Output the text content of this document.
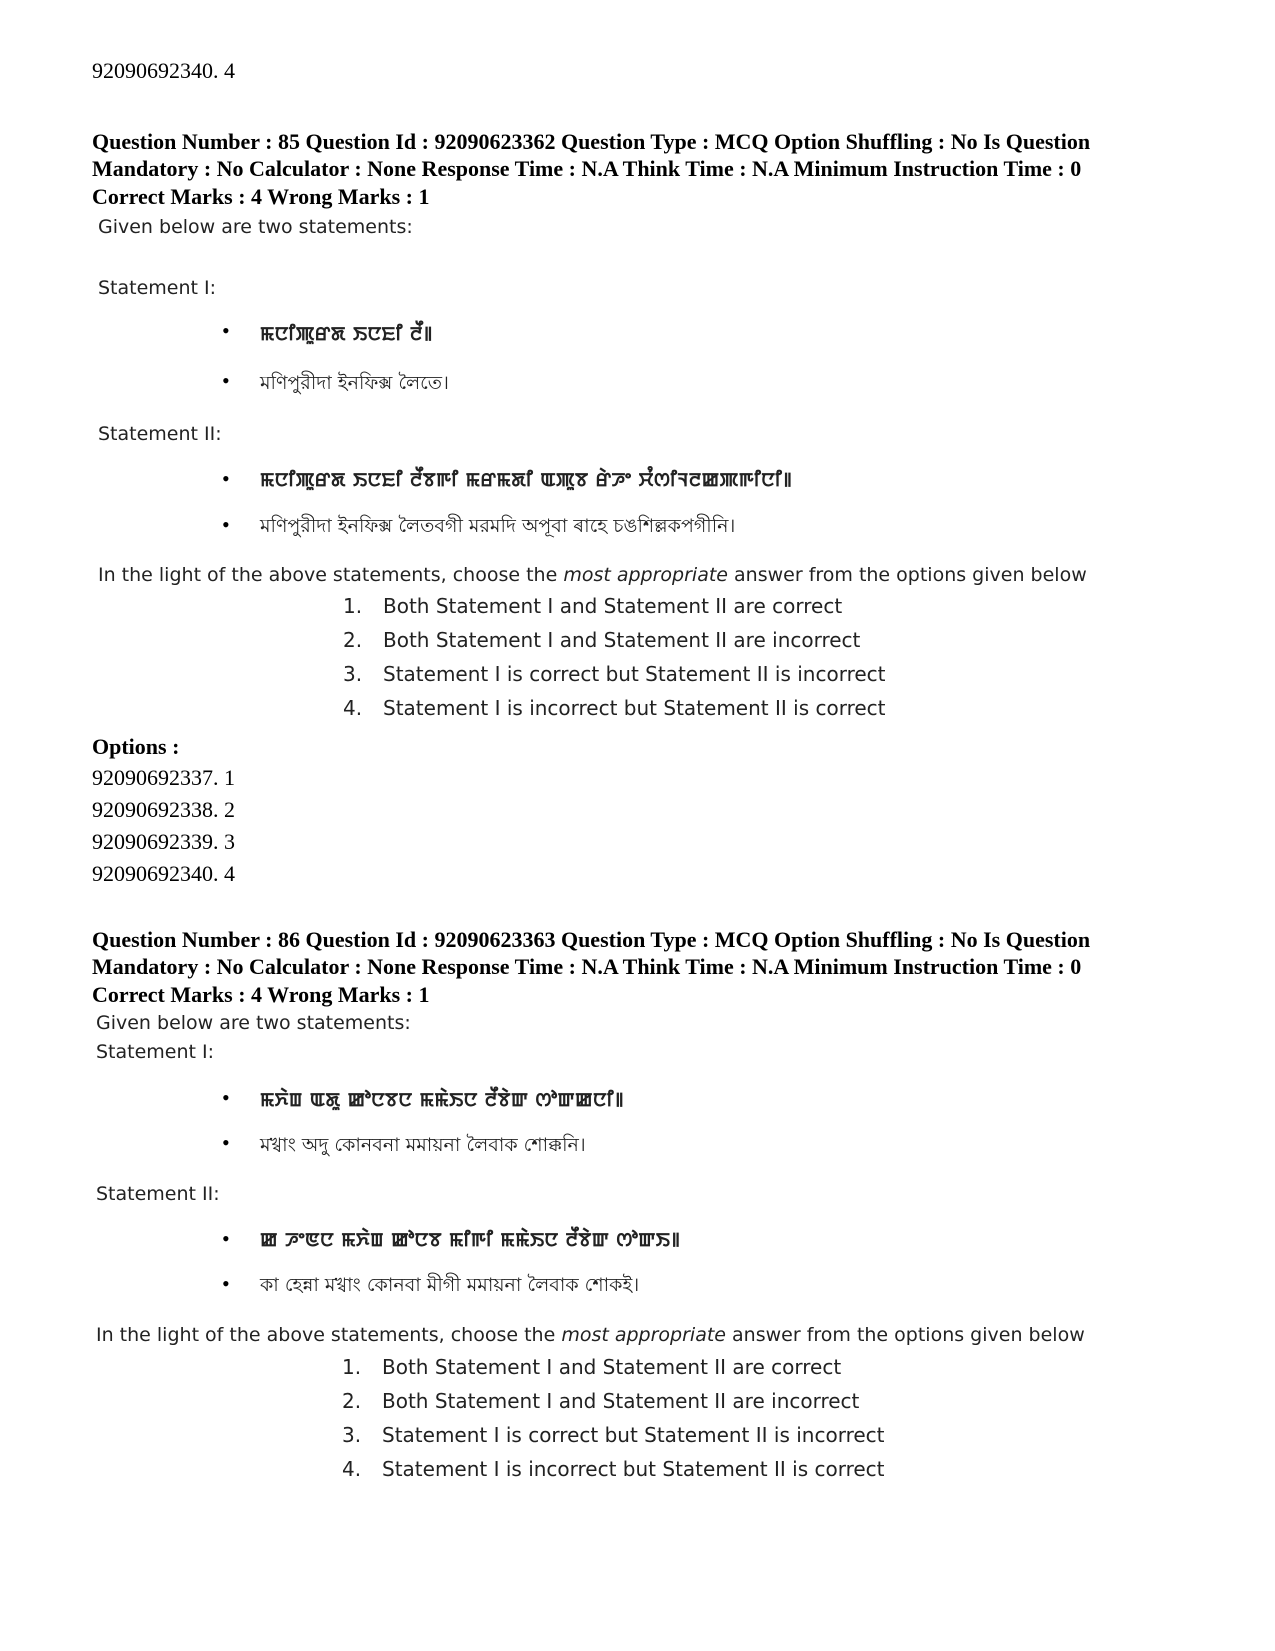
92090692340. 4
Question Number : 85 Question Id : 92090623362 Question Type : MCQ Option Shuffling : No Is Question
Mandatory : No Calculator : None Response Time : N.A Think Time : N.A Minimum Instruction Time : 0
Correct Marks : 4 Wrong Marks : 1
Given below are two statements:
Statement I:
• ꯃꯅꯤꯄꯨꯔꯗ ꯏꯅꯐꯤ ꯂꯩ꯫
• মণিপুরীদা ইনফিক্স লৈতে।
Statement II:
• ꯃꯅꯤꯄꯨꯔꯗ ꯏꯅꯐꯤ ꯂꯩꯕꯒꯤ ꯃꯔꯃꯗꯤ ꯑꯄꯨꯕ ꯔꯥꯍꯦ ꯆꯪꯁꯤꯜꯂꯀꯄꯒꯤꯅꯤ꯫
• মণিপুরীদা ইনফিক্স লৈতবগী মরমদি অপূবা ৰাহে চঙশিল্লকপগীনি।
In the light of the above statements, choose the most appropriate answer from the options given below
1.	Both Statement I and Statement II are correct
2.	Both Statement I and Statement II are incorrect
3.	Statement I is correct but Statement II is incorrect
4.	Statement I is incorrect but Statement II is correct
Options :
92090692337. 1
92090692338. 2
92090692339. 3
92090692340. 4
Question Number : 86 Question Id : 92090623363 Question Type : MCQ Option Shuffling : No Is Question
Mandatory : No Calculator : None Response Time : N.A Think Time : N.A Minimum Instruction Time : 0
Correct Marks : 4 Wrong Marks : 1
Given below are two statements:
Statement I:
• ꯃꯈꯥꯡ ꯑꯗꯨ ꯀꯣꯅꯕꯅ ꯃꯃꯥꯏꯅ ꯂꯩꯕꯥꯛ ꯁꯣꯛꯀꯅꯤ꯫
• মখ্বাং অদু কোনবনা মমায়না লৈবাক শোক্কনি।
Statement II:
• ꯀ ꯍꯦꯟꯅ ꯃꯈꯥꯡ ꯀꯣꯅꯕ ꯃꯤꯒꯤ ꯃꯃꯥꯏꯅ ꯂꯩꯕꯥꯛ ꯁꯣꯛꯏ꯫
• কা হেন্না মখ্বাং কোনবা মীগী মমায়না লৈবাক শোকই।
In the light of the above statements, choose the most appropriate answer from the options given below
1.	Both Statement I and Statement II are correct
2.	Both Statement I and Statement II are incorrect
3.	Statement I is correct but Statement II is incorrect
4.	Statement I is incorrect but Statement II is correct
